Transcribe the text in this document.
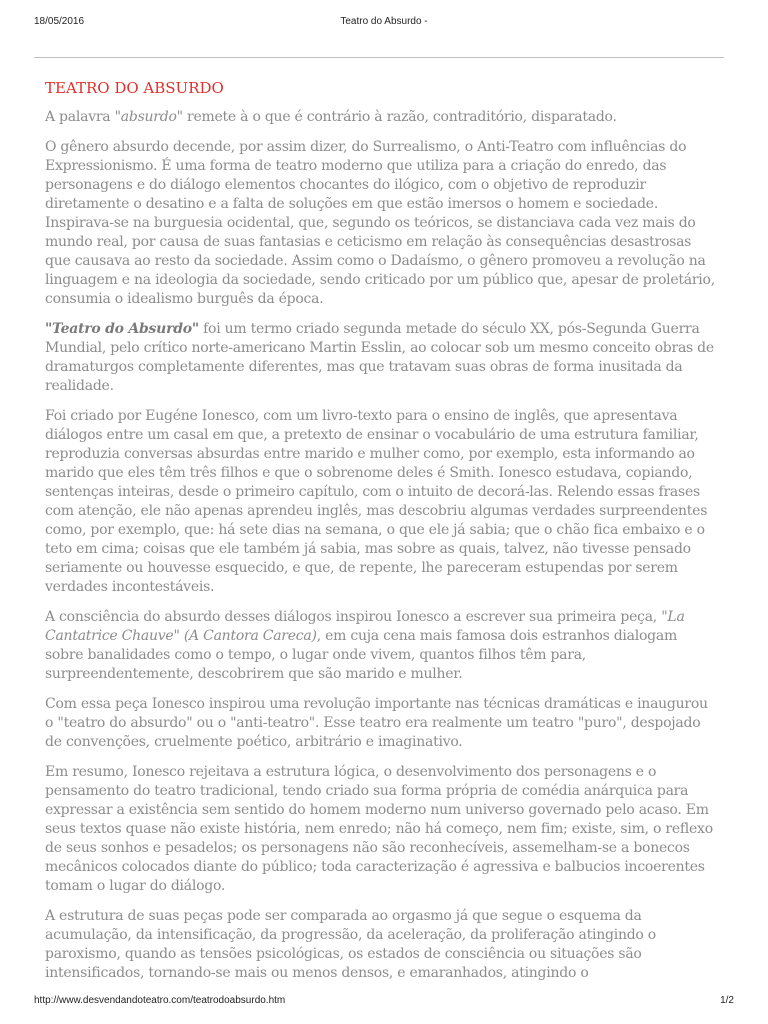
18/05/2016	Teatro do Absurdo -
TEATRO DO ABSURDO

A palavra "absurdo" remete à o que é contrário à razão, contraditório, disparatado.

O gênero absurdo decende, por assim dizer, do Surrealismo, o Anti-Teatro com influências do Expressionismo. É uma forma de teatro moderno que utiliza para a criação do enredo, das personagens e do diálogo elementos chocantes do ilógico, com o objetivo de reproduzir diretamente o desatino e a falta de soluções em que estão imersos o homem e sociedade. Inspirava-se na burguesia ocidental, que, segundo os teóricos, se distanciava cada vez mais do mundo real, por causa de suas fantasias e ceticismo em relação às consequências desastrosas que causava ao resto da sociedade. Assim como o Dadaísmo, o gênero promoveu a revolução na linguagem e na ideologia da sociedade, sendo criticado por um público que, apesar de proletário, consumia o idealismo burguês da época.

"Teatro do Absurdo" foi um termo criado segunda metade do século XX, pós-Segunda Guerra Mundial, pelo crítico norte-americano Martin Esslin, ao colocar sob um mesmo conceito obras de dramaturgos completamente diferentes, mas que tratavam suas obras de forma inusitada da realidade.

Foi criado por Eugéne Ionesco, com um livro-texto para o ensino de inglês, que apresentava diálogos entre um casal em que, a pretexto de ensinar o vocabulário de uma estrutura familiar, reproduzia conversas absurdas entre marido e mulher como, por exemplo, esta informando ao marido que eles têm três filhos e que o sobrenome deles é Smith. Ionesco estudava, copiando, sentenças inteiras, desde o primeiro capítulo, com o intuito de decorá-las. Relendo essas frases com atenção, ele não apenas aprendeu inglês, mas descobriu algumas verdades surpreendentes como, por exemplo, que: há sete dias na semana, o que ele já sabia; que o chão fica embaixo e o teto em cima; coisas que ele também já sabia, mas sobre as quais, talvez, não tivesse pensado seriamente ou houvesse esquecido, e que, de repente, lhe pareceram estupendas por serem verdades incontestáveis.

A consciência do absurdo desses diálogos inspirou Ionesco a escrever sua primeira peça, "La Cantatrice Chauve" (A Cantora Careca), em cuja cena mais famosa dois estranhos dialogam sobre banalidades como o tempo, o lugar onde vivem, quantos filhos têm para, surpreendentemente, descobrirem que são marido e mulher.

Com essa peça Ionesco inspirou uma revolução importante nas técnicas dramáticas e inaugurou o "teatro do absurdo" ou o "anti-teatro". Esse teatro era realmente um teatro "puro", despojado de convenções, cruelmente poético, arbitrário e imaginativo.

Em resumo, Ionesco rejeitava a estrutura lógica, o desenvolvimento dos personagens e o pensamento do teatro tradicional, tendo criado sua forma própria de comédia anárquica para expressar a existência sem sentido do homem moderno num universo governado pelo acaso. Em seus textos quase não existe história, nem enredo; não há começo, nem fim; existe, sim, o reflexo de seus sonhos e pesadelos; os personagens não são reconhecíveis, assemelham-se a bonecos mecânicos colocados diante do público; toda caracterização é agressiva e balbucios incoerentes tomam o lugar do diálogo.

A estrutura de suas peças pode ser comparada ao orgasmo já que segue o esquema da acumulação, da intensificação, da progressão, da aceleração, da proliferação atingindo o paroxismo, quando as tensões psicológicas, os estados de consciência ou situações são intensificados, tornando-se mais ou menos densos, e emaranhados, atingindo o

http://www.desvendandoteatro.com/teatrodoabsurdo.htm	1/2
